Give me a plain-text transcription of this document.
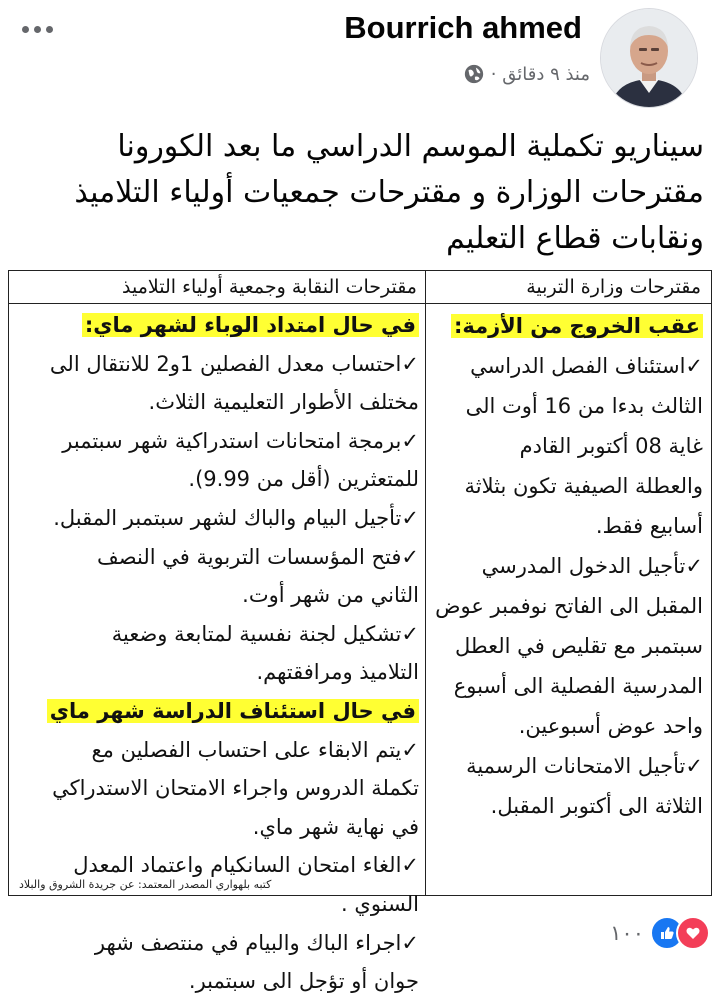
Bourrich ahmed
منذ ٩ دقائق ·
سيناريو تكملية الموسم الدراسي ما بعد الكورونا
مقترحات الوزارة و مقترحات جمعيات أولياء التلاميذ
ونقابات قطاع التعليم
مقترحات وزارة التربية
عقب الخروج من الأزمة:
✓استئناف الفصل الدراسي
الثالث بدءا من 16 أوت الى
غاية 08 أكتوبر القادم
والعطلة الصيفية تكون بثلاثة
أسابيع فقط.
✓تأجيل الدخول المدرسي
المقبل الى الفاتح نوفمبر عوض
سبتمبر مع تقليص في العطل
المدرسية الفصلية الى أسبوع
واحد عوض أسبوعين.
✓تأجيل الامتحانات الرسمية
الثلاثة الى أكتوبر المقبل.
مقترحات النقابة وجمعية أولياء التلاميذ
في حال امتداد الوباء لشهر ماي:
✓احتساب معدل الفصلين 1و2 للانتقال الى
مختلف الأطوار التعليمية الثلاث.
✓برمجة امتحانات استدراكية شهر سبتمبر
للمتعثرين (أقل من 9.99).
✓تأجيل البيام والباك لشهر سبتمبر المقبل.
✓فتح المؤسسات التربوية في النصف
الثاني من شهر أوت.
✓تشكيل لجنة نفسية لمتابعة وضعية
التلاميذ ومرافقتهم.
في حال استئناف الدراسة شهر ماي
✓يتم الابقاء على احتساب الفصلين مع
تكملة الدروس واجراء الامتحان الاستدراكي
في نهاية شهر ماي.
✓الغاء امتحان السانكيام واعتماد المعدل
السنوي .
✓اجراء الباك والبيام في منتصف شهر
جوان أو تؤجل الى سبتمبر.
كتبه بلهواري المصدر المعتمد: عن جريدة الشروق والبلاد
١٠٠
